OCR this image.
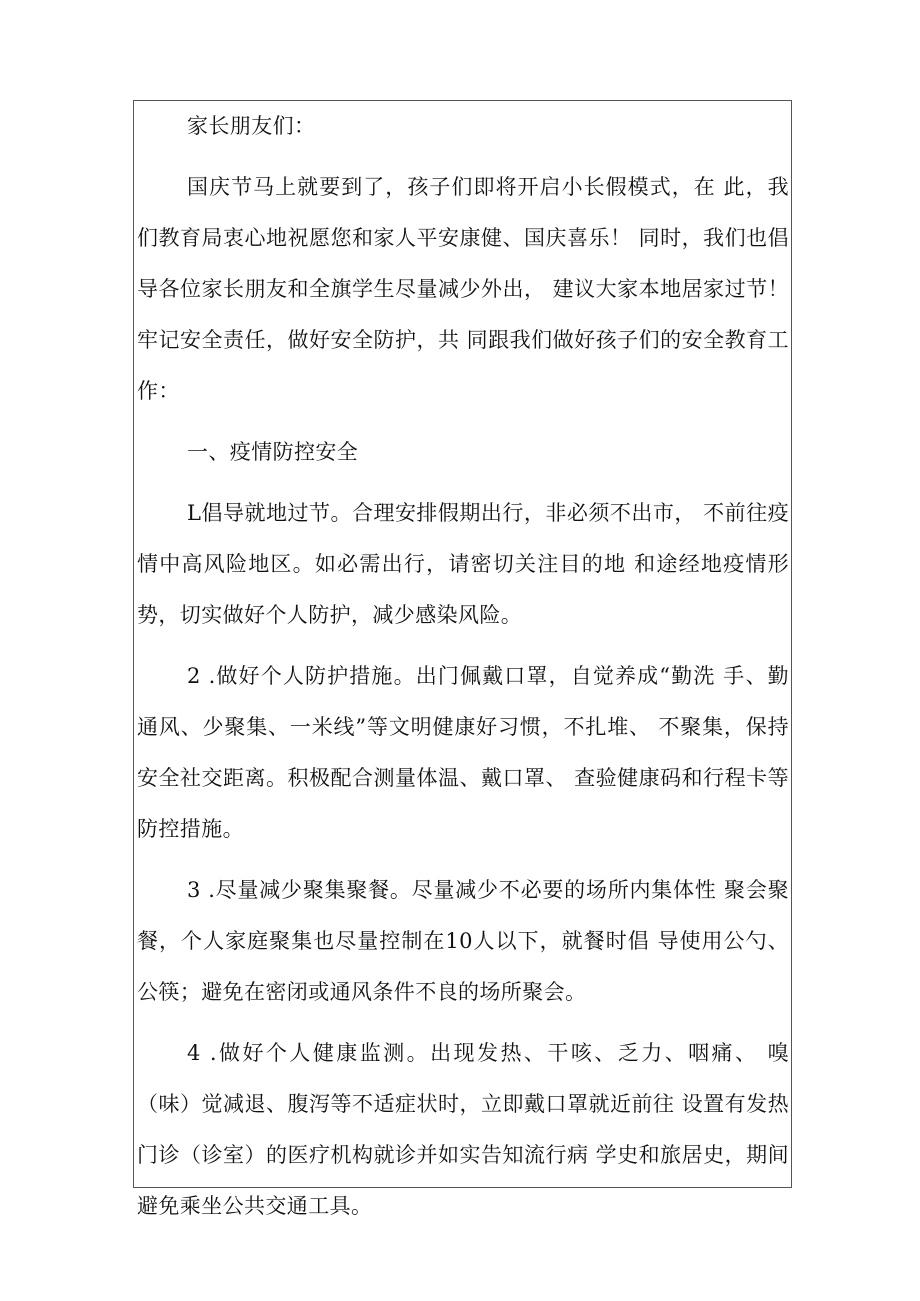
家长朋友们：

国庆节马上就要到了，孩子们即将开启小长假模式，在 此，我们教育局衷心地祝愿您和家人平安康健、国庆喜乐！ 同时，我们也倡导各位家长朋友和全旗学生尽量减少外出， 建议大家本地居家过节！牢记安全责任，做好安全防护，共 同跟我们做好孩子们的安全教育工作：

一、疫情防控安全

L倡导就地过节。合理安排假期出行，非必须不出市， 不前往疫情中高风险地区。如必需出行，请密切关注目的地 和途经地疫情形势，切实做好个人防护，减少感染风险。

2 .做好个人防护措施。出门佩戴口罩，自觉养成“勤洗 手、勤通风、少聚集、一米线”等文明健康好习惯，不扎堆、 不聚集，保持安全社交距离。积极配合测量体温、戴口罩、 查验健康码和行程卡等防控措施。

3 .尽量减少聚集聚餐。尽量减少不必要的场所内集体性 聚会聚餐，个人家庭聚集也尽量控制在10人以下，就餐时倡 导使用公勺、公筷；避免在密闭或通风条件不良的场所聚会。

4 .做好个人健康监测。出现发热、干咳、乏力、咽痛、 嗅（味）觉减退、腹泻等不适症状时，立即戴口罩就近前往 设置有发热门诊（诊室）的医疗机构就诊并如实告知流行病 学史和旅居史，期间避免乘坐公共交通工具。
